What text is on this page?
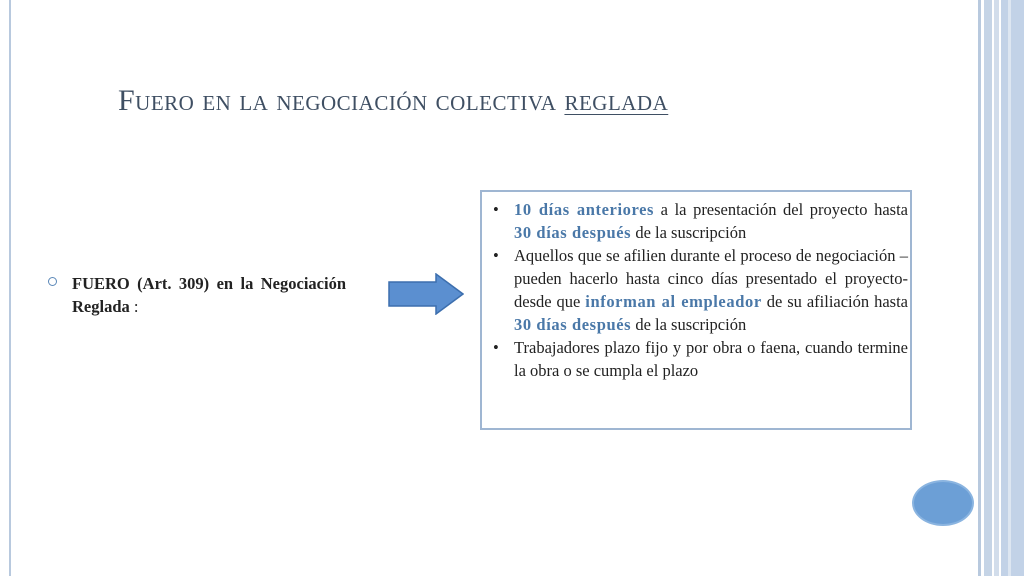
Fuero en la negociación colectiva reglada
FUERO (Art. 309) en la Negociación Reglada :
• 10 días anteriores a la presentación del proyecto hasta 30 días después de la suscripción
• Aquellos que se afilien durante el proceso de negociación –pueden hacerlo hasta cinco días presentado el proyecto- desde que informan al empleador de su afiliación hasta 30 días después de la suscripción
• Trabajadores plazo fijo y por obra o faena, cuando termine la obra o se cumpla el plazo
